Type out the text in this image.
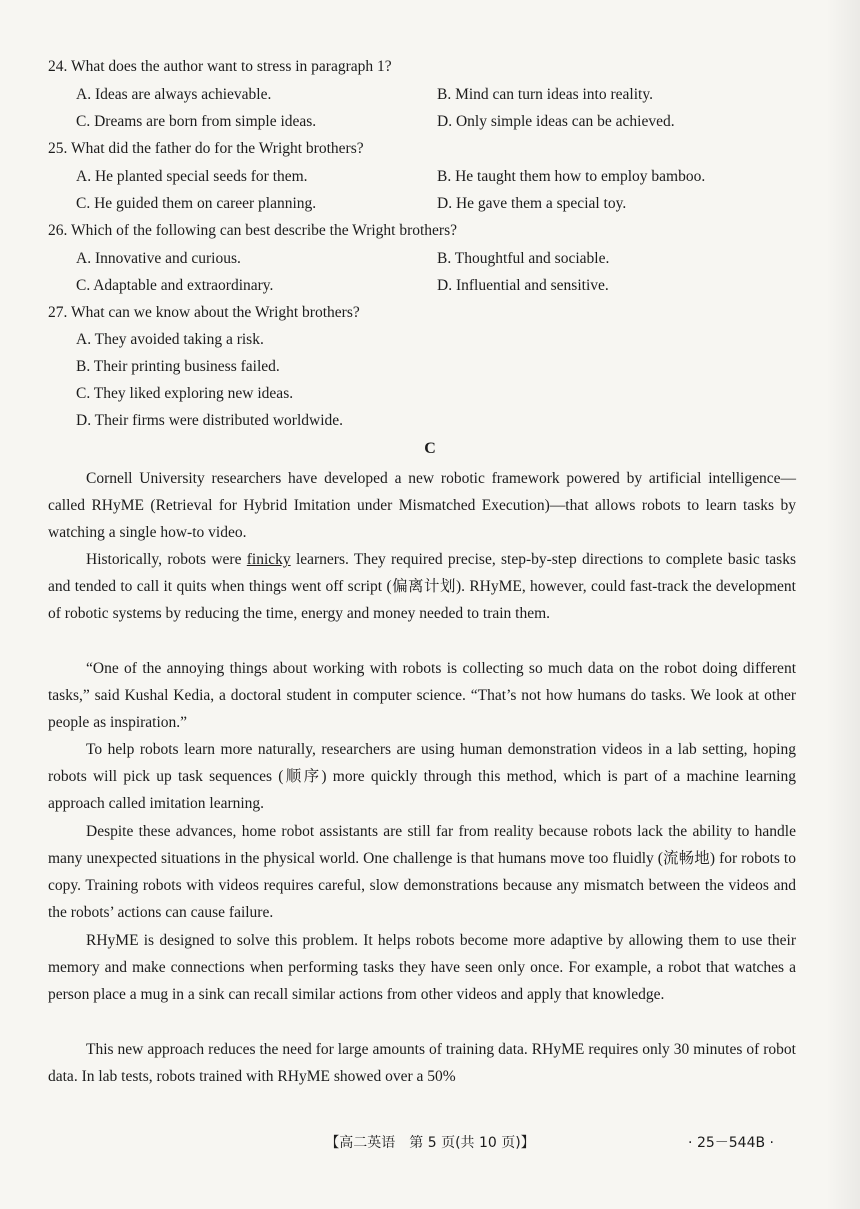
24. What does the author want to stress in paragraph 1?
A. Ideas are always achievable.	B. Mind can turn ideas into reality.
C. Dreams are born from simple ideas.	D. Only simple ideas can be achieved.
25. What did the father do for the Wright brothers?
A. He planted special seeds for them.	B. He taught them how to employ bamboo.
C. He guided them on career planning.	D. He gave them a special toy.
26. Which of the following can best describe the Wright brothers?
A. Innovative and curious.	B. Thoughtful and sociable.
C. Adaptable and extraordinary.	D. Influential and sensitive.
27. What can we know about the Wright brothers?
A. They avoided taking a risk.
B. Their printing business failed.
C. They liked exploring new ideas.
D. Their firms were distributed worldwide.
C
Cornell University researchers have developed a new robotic framework powered by artificial intelligence—called RHyME (Retrieval for Hybrid Imitation under Mismatched Execution)—that allows robots to learn tasks by watching a single how-to video.
Historically, robots were finicky learners. They required precise, step-by-step directions to complete basic tasks and tended to call it quits when things went off script (偏离计划). RHyME, however, could fast-track the development of robotic systems by reducing the time, energy and money needed to train them.
“One of the annoying things about working with robots is collecting so much data on the robot doing different tasks,” said Kushal Kedia, a doctoral student in computer science. “That’s not how humans do tasks. We look at other people as inspiration.”
To help robots learn more naturally, researchers are using human demonstration videos in a lab setting, hoping robots will pick up task sequences (顺序) more quickly through this method, which is part of a machine learning approach called imitation learning.
Despite these advances, home robot assistants are still far from reality because robots lack the ability to handle many unexpected situations in the physical world. One challenge is that humans move too fluidly (流畅地) for robots to copy. Training robots with videos requires careful, slow demonstrations because any mismatch between the videos and the robots’ actions can cause failure.
RHyME is designed to solve this problem. It helps robots become more adaptive by allowing them to use their memory and make connections when performing tasks they have seen only once. For example, a robot that watches a person place a mug in a sink can recall similar actions from other videos and apply that knowledge.
This new approach reduces the need for large amounts of training data. RHyME requires only 30 minutes of robot data. In lab tests, robots trained with RHyME showed over a 50%
【高二英语　第 5 页(共 10 页)】	· 25－544B ·
